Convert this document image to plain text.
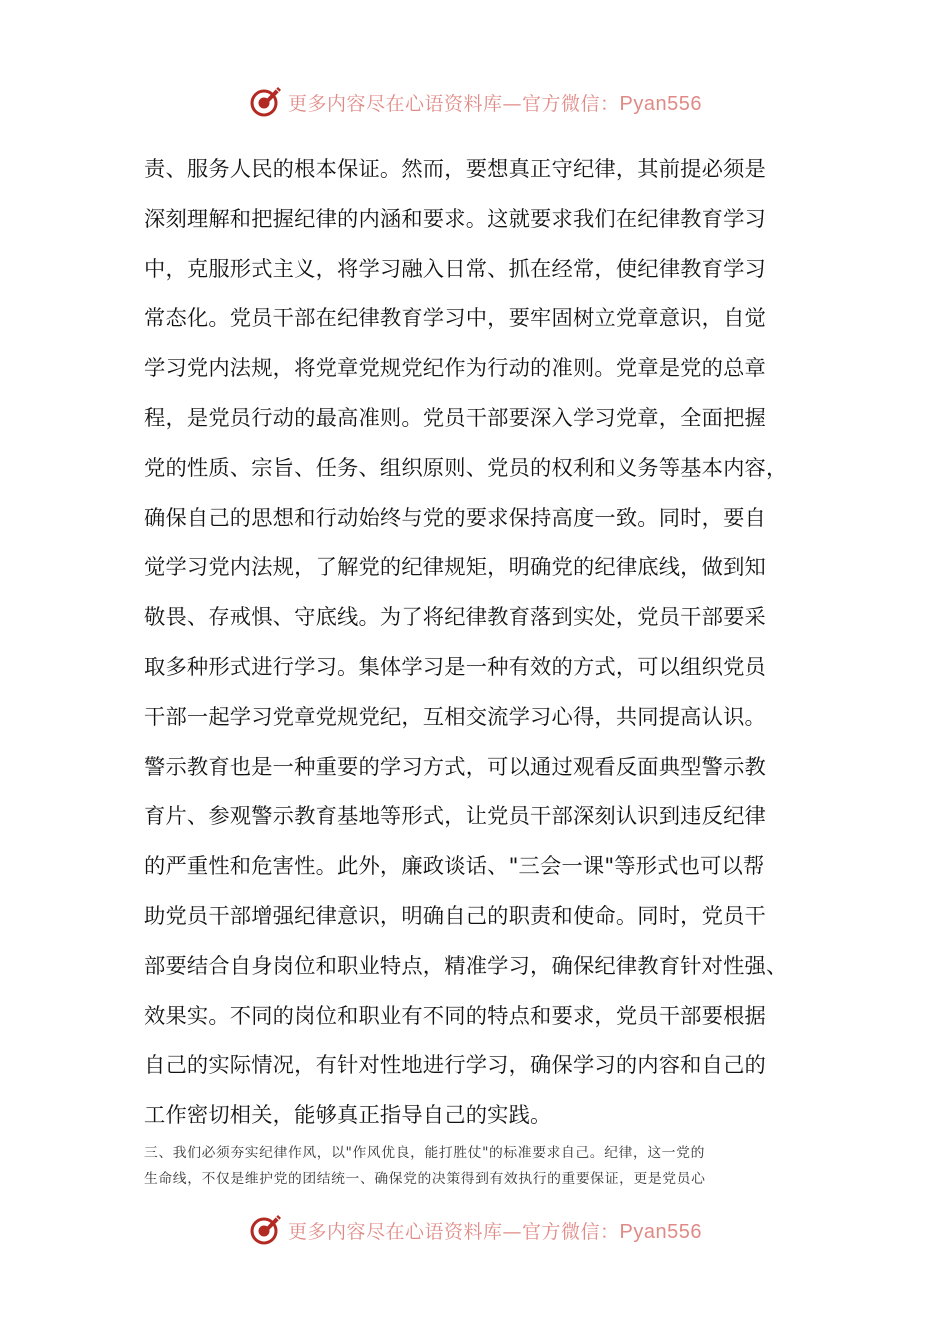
更多内容尽在心语资料库—官方微信：Pyan556
责、服务人民的根本保证。然而，要想真正守纪律，其前提必须是
深刻理解和把握纪律的内涵和要求。这就要求我们在纪律教育学习
中，克服形式主义，将学习融入日常、抓在经常，使纪律教育学习
常态化。党员干部在纪律教育学习中，要牢固树立党章意识，自觉
学习党内法规，将党章党规党纪作为行动的准则。党章是党的总章
程，是党员行动的最高准则。党员干部要深入学习党章，全面把握
党的性质、宗旨、任务、组织原则、党员的权利和义务等基本内容，
确保自己的思想和行动始终与党的要求保持高度一致。同时，要自
觉学习党内法规，了解党的纪律规矩，明确党的纪律底线，做到知
敬畏、存戒惧、守底线。为了将纪律教育落到实处，党员干部要采
取多种形式进行学习。集体学习是一种有效的方式，可以组织党员
干部一起学习党章党规党纪，互相交流学习心得，共同提高认识。
警示教育也是一种重要的学习方式，可以通过观看反面典型警示教
育片、参观警示教育基地等形式，让党员干部深刻认识到违反纪律
的严重性和危害性。此外，廉政谈话、"三会一课"等形式也可以帮
助党员干部增强纪律意识，明确自己的职责和使命。同时，党员干
部要结合自身岗位和职业特点，精准学习，确保纪律教育针对性强、
效果实。不同的岗位和职业有不同的特点和要求，党员干部要根据
自己的实际情况，有针对性地进行学习，确保学习的内容和自己的
工作密切相关，能够真正指导自己的实践。
三、我们必须夯实纪律作风，以"作风优良，能打胜仗"的标准要求自己。纪律，这一党的
生命线，不仅是维护党的团结统一、确保党的决策得到有效执行的重要保证，更是党员心
更多内容尽在心语资料库—官方微信：Pyan556
